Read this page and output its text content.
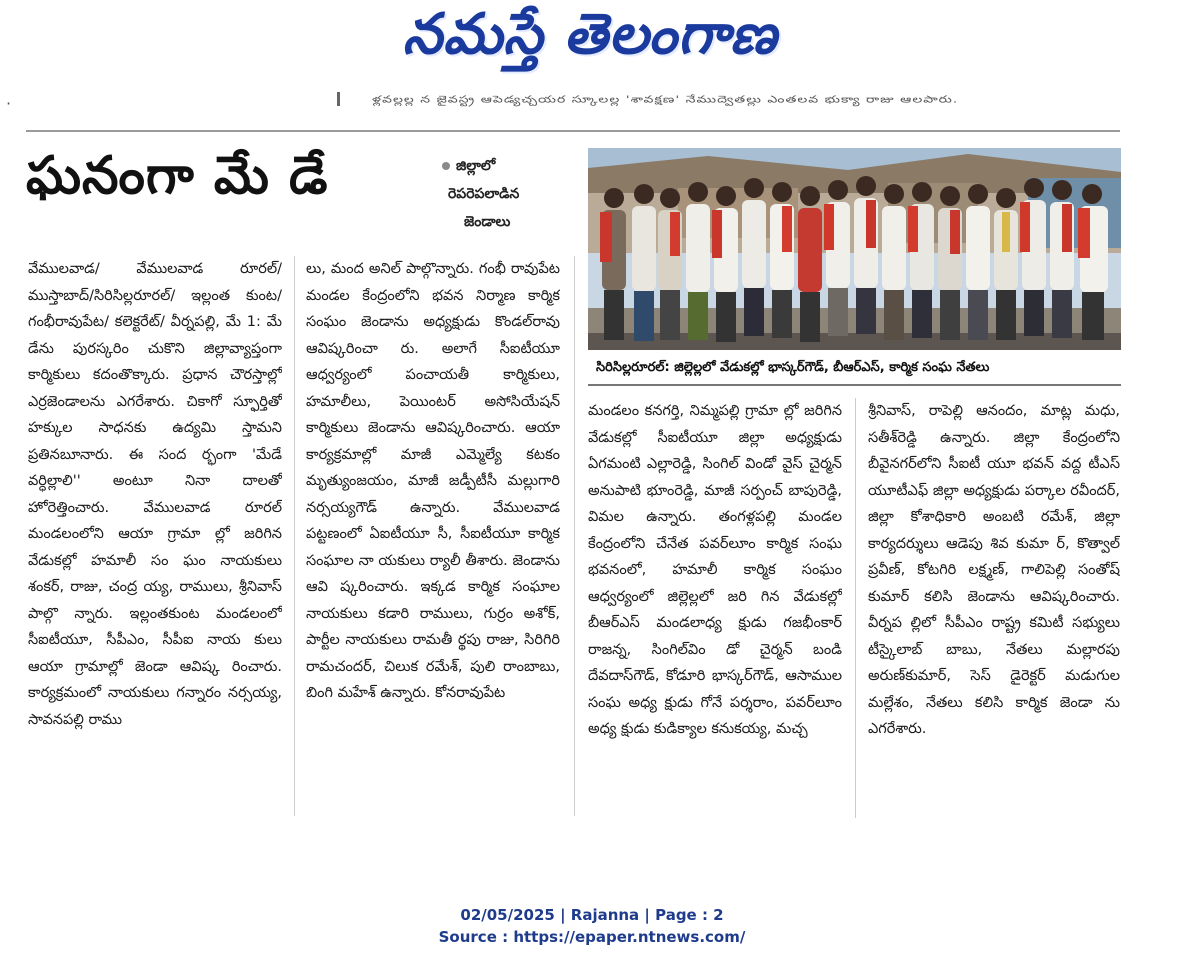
నమస్తే తెలంగాణ
·	ళ్లవల్లల్ల న జైవస్ట్ర ఆపెడ్యచ్చయర స్కూలల్ల 'శావక్షణ' నేముద్వెతల్లు ఎంతలవ భుక్యా రాజు ఆలపారు.
ఘనంగా మే డే	జిల్లాలో
రెపరెపలాడిన
జెండాలు
సిరిసిల్లరూరల్: జిల్లెల్లలో వేడుకల్లో భాస్కర్‌గౌడ్, బీఆర్‌ఎస్, కార్మిక సంఘ నేతలు

వేములవాడ/ వేములవాడ రూరల్/ ముస్తాబాద్/సిరిసిల్లరూరల్/ ఇల్లంత కుంట/ గంభీరావుపేట/ కలెక్టరేట్/ వీర్నపల్లి, మే 1: మే డేను పురస్కరిం చుకొని జిల్లావ్యాప్తంగా కార్మికులు కదంతొక్కారు. ప్రధాన చౌరస్తాల్లో ఎర్రజెండాలను ఎగరేశారు. చికాగో స్ఫూర్తితో హక్కుల సాధనకు ఉద్యమి స్తామని ప్రతినబూనారు. ఈ సంద ర్భంగా 'మేడే వర్ధిల్లాలి'' అంటూ నినా దాలతో హోరెత్తించారు. వేములవాడ రూరల్ మండలంలోని ఆయా గ్రామా ల్లో జరిగిన వేడుకల్లో హమాలీ సం ఘం నాయకులు శంకర్, రాజు, చంద్ర య్య, రాములు, శ్రీనివాస్ పాల్గొ న్నారు. ఇల్లంతకుంట మండలంలో సీఐటీయూ, సీపీఎం, సీపీఐ నాయ కులు ఆయా గ్రామాల్లో జెండా ఆవిష్క రించారు. కార్యక్రమంలో నాయకులు గన్నారం నర్సయ్య, సావనపల్లి రాము

లు, మంద అనిల్ పాల్గొన్నారు. గంభీ రావుపేట మండల కేంద్రంలోని భవన నిర్మాణ కార్మిక సంఘం జెండాను అధ్యక్షుడు కొండల్‌రావు ఆవిష్కరించా రు. అలాగే సీఐటీయూ ఆధ్వర్యంలో పంచాయతీ కార్మికులు, హమాలీలు, పెయింటర్ అసోసియేషన్ కార్మికులు జెండాను ఆవిష్కరించారు. ఆయా కార్యక్రమాల్లో మాజీ ఎమ్మెల్యే కటకం మృత్యుంజయం, మాజీ జడ్పీటీసీ మల్లుగారి నర్సయ్యగౌడ్ ఉన్నారు. వేములవాడ పట్టణంలో ఏఐటీయూ సీ, సీఐటీయూ కార్మిక సంఘాల నా యకులు ర్యాలీ తీశారు. జెండాను ఆవి ష్కరించారు. ఇక్కడ కార్మిక సంఘాల నాయకులు కడారి రాములు, గుర్రం అశోక్, పార్టీల నాయకులు రామతీ ర్థపు రాజు, సిరిగిరి రామచందర్, చిలుక రమేశ్, పులి రాంబాబు, బింగి మహేశ్ ఉన్నారు. కోనరావుపేట

మండలం కనగర్తి, నిమ్మపల్లి గ్రామా ల్లో జరిగిన వేడుకల్లో సీఐటీయూ జిల్లా అధ్యక్షుడు ఏగమంటి ఎల్లారెడ్డి, సింగిల్ విండో వైస్ చైర్మన్ అనుపాటి భూంరెడ్డి, మాజీ సర్పంచ్ బాపురెడ్డి, విమల ఉన్నారు. తంగళ్లపల్లి మండల కేంద్రంలోని చేనేత పవర్‌లూం కార్మిక సంఘ భవనంలో, హమాలీ కార్మిక సంఘం ఆధ్వర్యంలో జిల్లెల్లలో జరి గిన వేడుకల్లో బీఆర్‌ఎస్ మండలాధ్య క్షుడు గజభీంకార్ రాజన్న, సింగిల్‌విం డో చైర్మన్ బండి దేవదాస్‌గౌడ్, కోడూరి భాస్కర్‌గౌడ్, ఆసాముల సంఘ అధ్య క్షుడు గోనే పర్శరాం, పవర్‌లూం అధ్య క్షుడు కుడిక్యాల కనుకయ్య, మచ్చ

శ్రీనివాస్, రాపెల్లి ఆనందం, మాట్ల మధు, సతీశ్‌రెడ్డి ఉన్నారు. జిల్లా కేంద్రంలోని బీవైనగర్‌లోని సీఐటీ యూ భవన్ వద్ద టీఎస్ యూటీఎఫ్ జిల్లా అధ్యక్షుడు పర్కాల రవీందర్, జిల్లా కోశాధికారి అంబటి రమేశ్, జిల్లా కార్యదర్శులు ఆడెపు శివ కుమా ర్, కొత్వాల్ ప్రవీణ్, కోటగిరి లక్ష్మణ్, గాలిపెల్లి సంతోష్ కుమార్ కలిసి జెండాను ఆవిష్కరించారు. వీర్నప ల్లిలో సీపీఎం రాష్ట్ర కమిటీ సభ్యులు టీస్కైలాబ్ బాబు, నేతలు మల్లారపు అరుణ్‌కుమార్, సెస్ డైరెక్టర్ మడుగుల మల్లేశం, నేతలు కలిసి కార్మిక జెండా ను ఎగరేశారు.

02/05/2025 | Rajanna | Page : 2
Source : https://epaper.ntnews.com/
